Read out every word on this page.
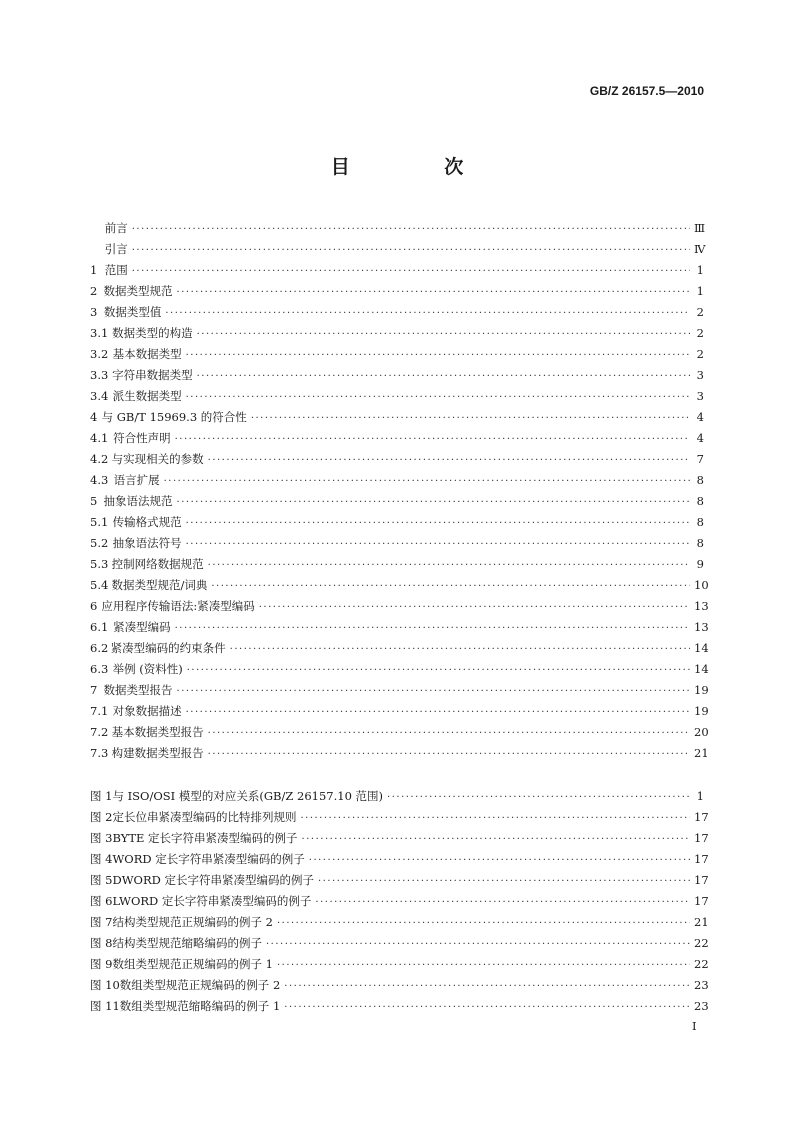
GB/Z 26157.5—2010
目 次
前言 ·····	Ⅲ
引言 ·····	Ⅳ
1 范围 ·····	1
2 数据类型规范 ·····	1
3 数据类型值 ·····	2
3.1 数据类型的构造 ·····	2
3.2 基本数据类型 ·····	2
3.3 字符串数据类型 ·····	3
3.4 派生数据类型 ·····	3
4 与 GB/T 15969.3 的符合性 ·····	4
4.1 符合性声明 ·····	4
4.2 与实现相关的参数 ·····	7
4.3 语言扩展 ·····	8
5 抽象语法规范 ·····	8
5.1 传输格式规范 ·····	8
5.2 抽象语法符号 ·····	8
5.3 控制网络数据规范 ·····	9
5.4 数据类型规范/词典 ·····	10
6 应用程序传输语法:紧凑型编码 ·····	13
6.1 紧凑型编码 ·····	13
6.2 紧凑型编码的约束条件 ·····	14
6.3 举例 (资料性) ·····	14
7 数据类型报告 ·····	19
7.1 对象数据描述 ·····	19
7.2 基本数据类型报告 ·····	20
7.3 构建数据类型报告 ·····	21
图 1 与 ISO/OSI 模型的对应关系(GB/Z 26157.10 范围) ·····	1
图 2 定长位串紧凑型编码的比特排列规则 ·····	17
图 3 BYTE 定长字符串紧凑型编码的例子 ·····	17
图 4 WORD 定长字符串紧凑型编码的例子 ·····	17
图 5 DWORD 定长字符串紧凑型编码的例子 ·····	17
图 6 LWORD 定长字符串紧凑型编码的例子 ·····	17
图 7 结构类型规范正规编码的例子 2 ·····	21
图 8 结构类型规范缩略编码的例子 ·····	22
图 9 数组类型规范正规编码的例子 1 ·····	22
图 10 数组类型规范正规编码的例子 2 ·····	23
图 11 数组类型规范缩略编码的例子 1 ·····	23
I
